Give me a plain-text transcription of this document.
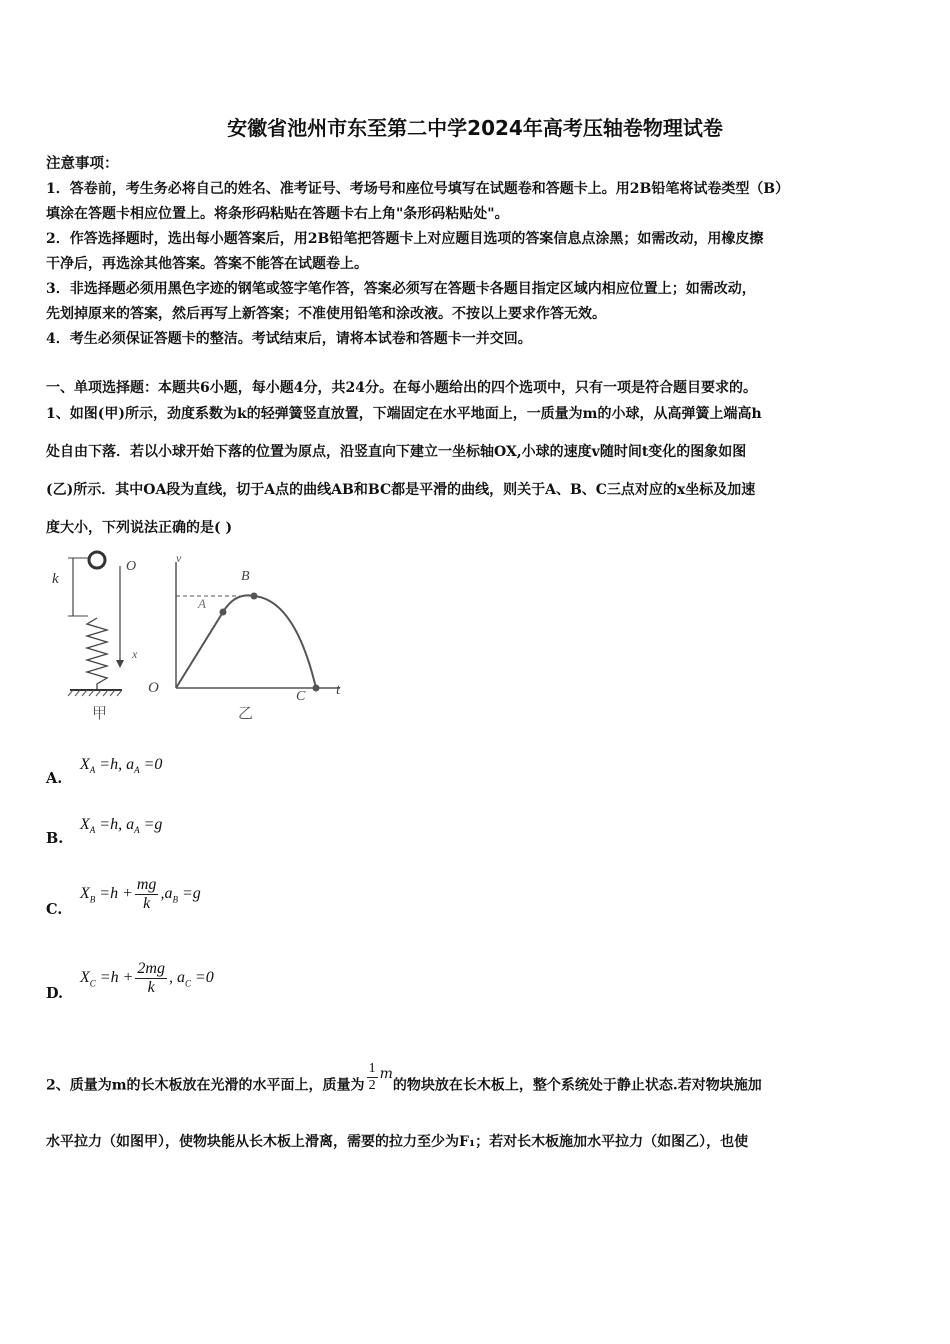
安徽省池州市东至第二中学2024年高考压轴卷物理试卷
注意事项：
1．答卷前，考生务必将自己的姓名、准考证号、考场号和座位号填写在试题卷和答题卡上。用2B铅笔将试卷类型（B）
填涂在答题卡相应位置上。将条形码粘贴在答题卡右上角"条形码粘贴处"。
2．作答选择题时，选出每小题答案后，用2B铅笔把答题卡上对应题目选项的答案信息点涂黑；如需改动，用橡皮擦
干净后，再选涂其他答案。答案不能答在试题卷上。
3．非选择题必须用黑色字迹的钢笔或签字笔作答，答案必须写在答题卡各题目指定区域内相应位置上；如需改动，
先划掉原来的答案，然后再写上新答案；不准使用铅笔和涂改液。不按以上要求作答无效。
4．考生必须保证答题卡的整洁。考试结束后，请将本试卷和答题卡一并交回。
一、单项选择题：本题共6小题，每小题4分，共24分。在每小题给出的四个选项中，只有一项是符合题目要求的。
1、如图(甲)所示，劲度系数为k的轻弹簧竖直放置，下端固定在水平地面上，一质量为m的小球，从高弹簧上端高h
处自由下落．若以小球开始下落的位置为原点，沿竖直向下建立一坐标轴OX,小球的速度v随时间t变化的图象如图
(乙)所示．其中OA段为直线，切于A点的曲线AB和BC都是平滑的曲线，则关于A、B、C三点对应的x坐标及加速
度大小，下列说法正确的是( )
k
O
x
甲
v
t
O
A
B
C
乙
A.
$X_A =h$, $a_A =0$
B.
$X_A =h$, $a_A =g$
C.
$X_B =h + \frac{mg}{k} ,a_B =g$
D.
$X_C =h + \frac{2mg}{k}$ , $a_C =0$
2、质量为m的长木板放在光滑的水平面上，质量为 $\frac{1}{2}$ m的物块放在长木板上，整个系统处于静止状态.若对物块施加
水平拉力（如图甲），使物块能从长木板上滑离，需要的拉力至少为F₁；若对长木板施加水平拉力（如图乙），也使
